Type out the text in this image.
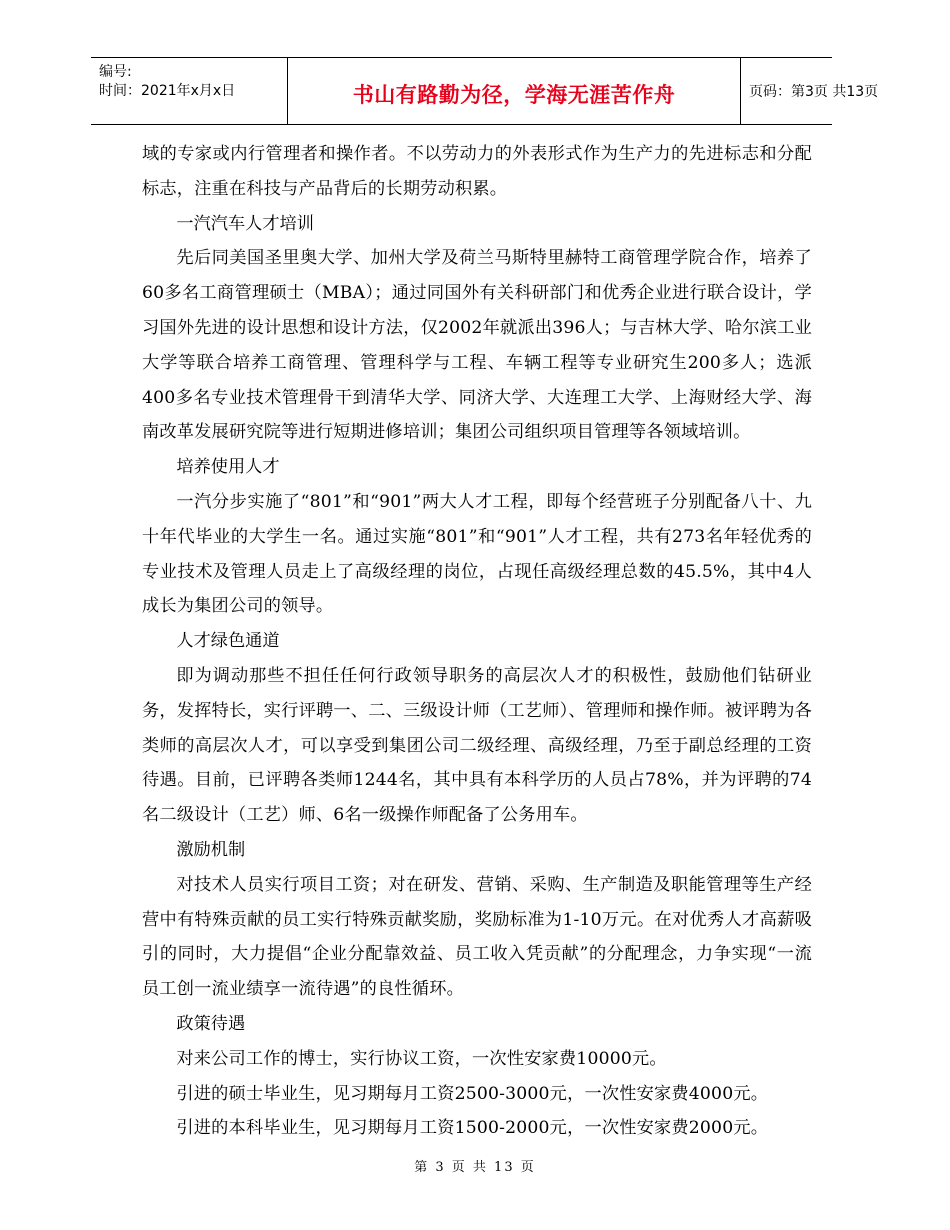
编号:
时间：2021年x月x日	书山有路勤为径，学海无涯苦作舟	页码：第3页 共13页

域的专家或内行管理者和操作者。不以劳动力的外表形式作为生产力的先进标志和分配标志，注重在科技与产品背后的长期劳动积累。

一汽汽车人才培训

先后同美国圣里奥大学、加州大学及荷兰马斯特里赫特工商管理学院合作，培养了60多名工商管理硕士（MBA）；通过同国外有关科研部门和优秀企业进行联合设计，学习国外先进的设计思想和设计方法，仅2002年就派出396人；与吉林大学、哈尔滨工业大学等联合培养工商管理、管理科学与工程、车辆工程等专业研究生200多人；选派400多名专业技术管理骨干到清华大学、同济大学、大连理工大学、上海财经大学、海南改革发展研究院等进行短期进修培训；集团公司组织项目管理等各领域培训。

培养使用人才

一汽分步实施了“801”和“901”两大人才工程，即每个经营班子分别配备八十、九十年代毕业的大学生一名。通过实施“801”和“901”人才工程，共有273名年轻优秀的专业技术及管理人员走上了高级经理的岗位，占现任高级经理总数的45.5%，其中4人成长为集团公司的领导。

人才绿色通道

即为调动那些不担任任何行政领导职务的高层次人才的积极性，鼓励他们钻研业务，发挥特长，实行评聘一、二、三级设计师（工艺师）、管理师和操作师。被评聘为各类师的高层次人才，可以享受到集团公司二级经理、高级经理，乃至于副总经理的工资待遇。目前，已评聘各类师1244名，其中具有本科学历的人员占78%，并为评聘的74名二级设计（工艺）师、6名一级操作师配备了公务用车。

激励机制

对技术人员实行项目工资；对在研发、营销、采购、生产制造及职能管理等生产经营中有特殊贡献的员工实行特殊贡献奖励，奖励标准为1-10万元。在对优秀人才高薪吸引的同时，大力提倡“企业分配靠效益、员工收入凭贡献”的分配理念，力争实现“一流员工创一流业绩享一流待遇”的良性循环。

政策待遇

对来公司工作的博士，实行协议工资，一次性安家费10000元。

引进的硕士毕业生，见习期每月工资2500-3000元，一次性安家费4000元。

引进的本科毕业生，见习期每月工资1500-2000元，一次性安家费2000元。

第 3 页 共 13 页
